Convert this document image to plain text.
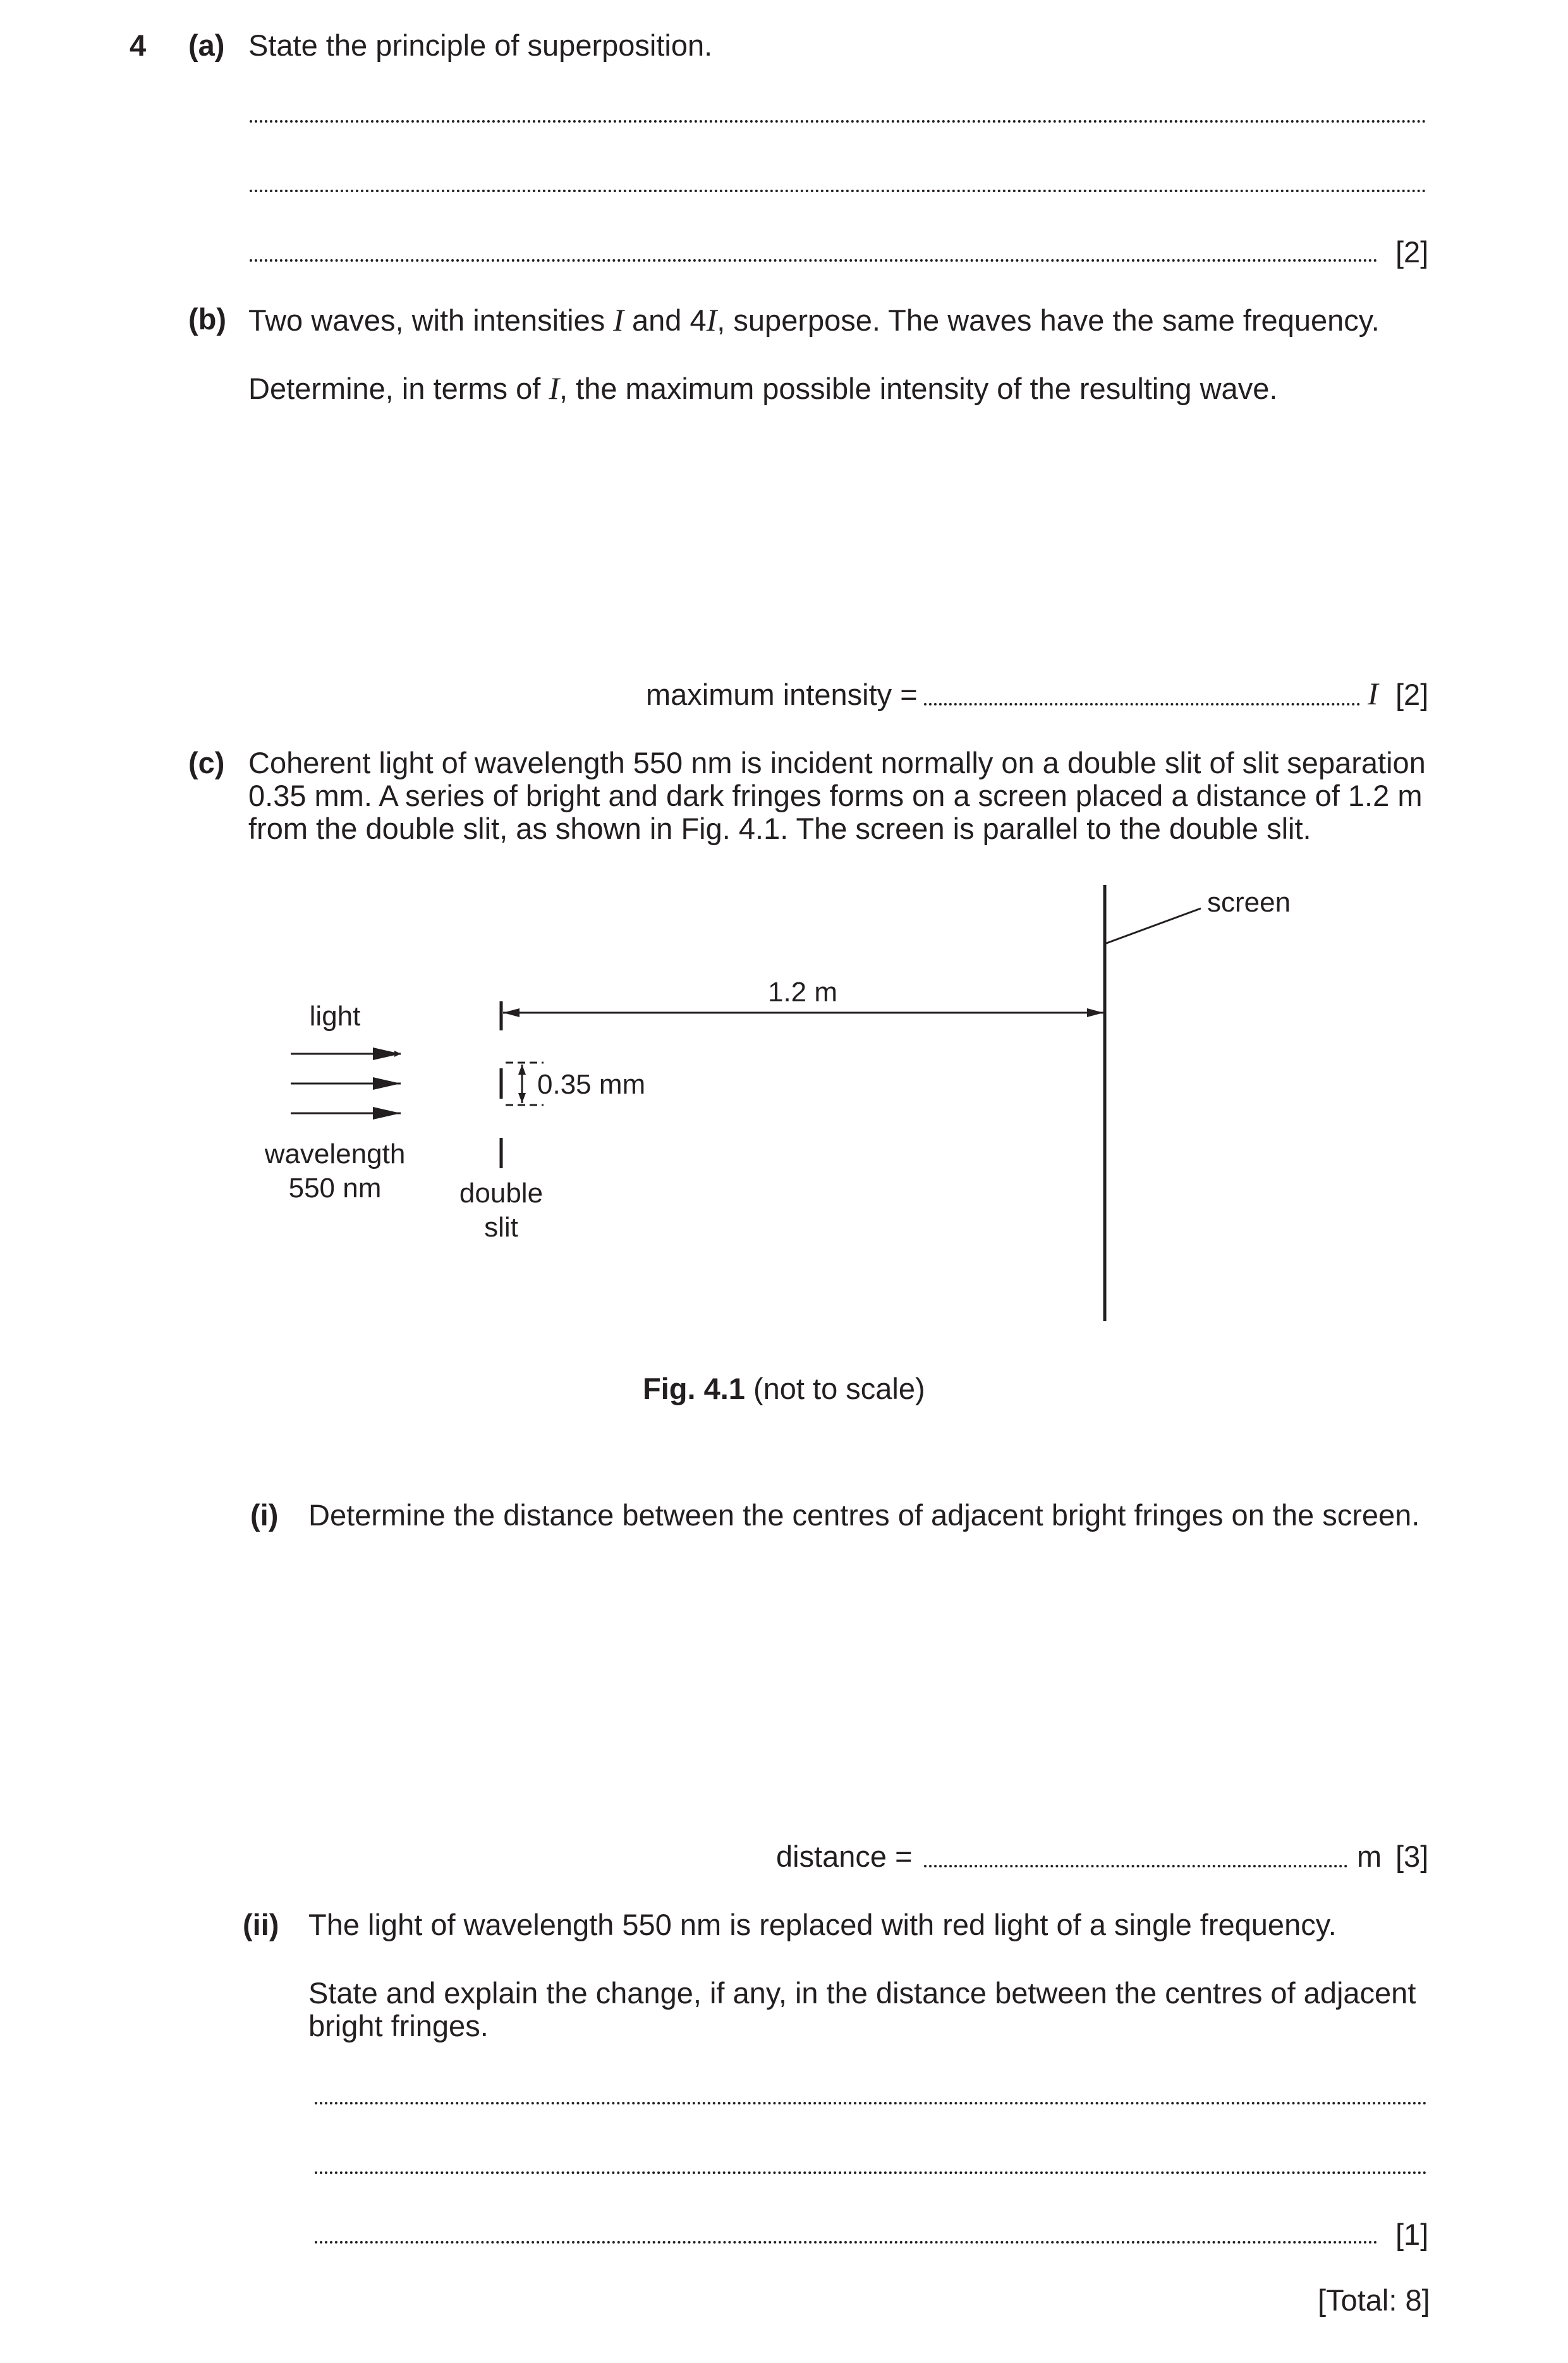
4 (a) State the principle of superposition.
[2]
(b) Two waves, with intensities I and 4I, superpose. The waves have the same frequency.
Determine, in terms of I, the maximum possible intensity of the resulting wave.
maximum intensity =	I [2]
(c) Coherent light of wavelength 550 nm is incident normally on a double slit of slit separation
0.35 mm. A series of bright and dark fringes forms on a screen placed a distance of 1.2 m
from the double slit, as shown in Fig. 4.1. The screen is parallel to the double slit.
screen
1.2 m
0.35 mm
light
wavelength
550 nm	double
slit
Fig. 4.1 (not to scale)
(i) Determine the distance between the centres of adjacent bright fringes on the screen.
distance =	m [3]
(ii) The light of wavelength 550 nm is replaced with red light of a single frequency.
State and explain the change, if any, in the distance between the centres of adjacent
bright fringes.
[1]
[Total: 8]
